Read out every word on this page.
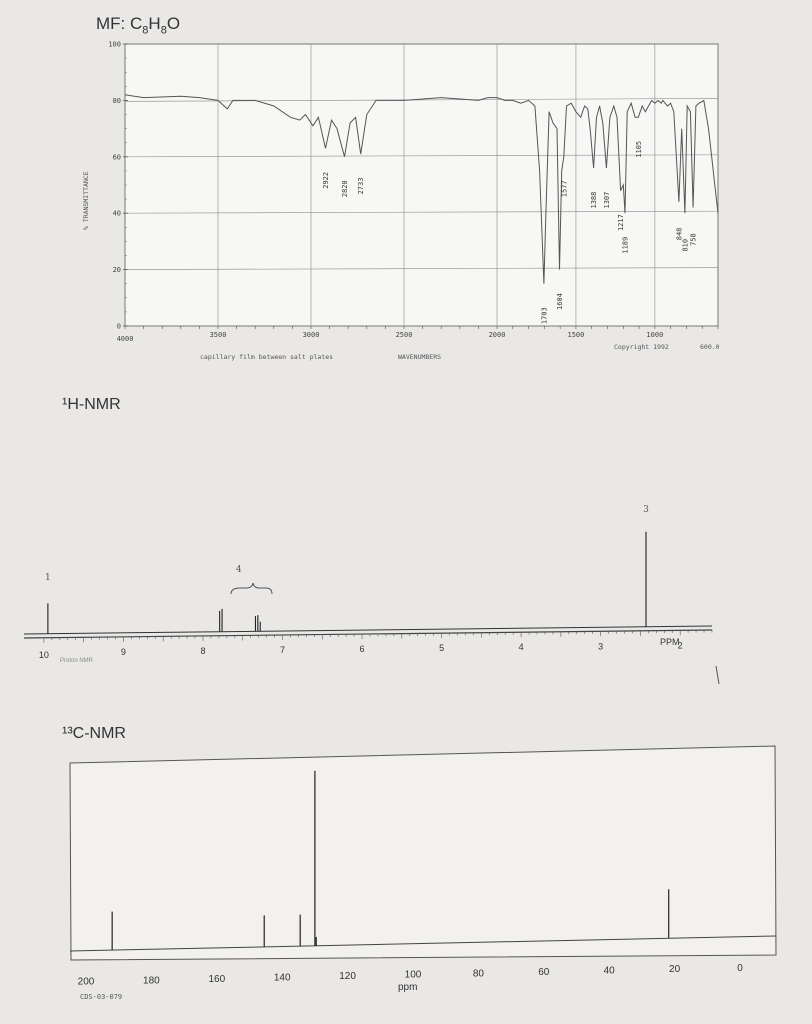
MF: $C_8H_8O$
¹H-NMR
¹³C-NMR
100
80
60
40
20
0
4000	3500	3000	2500	2000	1500	1000
2922
2820 2733
1703
1604
1577
1388 1307
1217
1189
1105
848
810 758
% TRANSMITTANCE
capillary film between salt plates	WAVENUMBERS
Copyright 1992	600.0
10	9	8	7	6	5	4	3	2
1
4
3
Proton NMR
PPM
200	180	160	140	120	100	80	60	40	20	0
ppm
CDS-03-079
